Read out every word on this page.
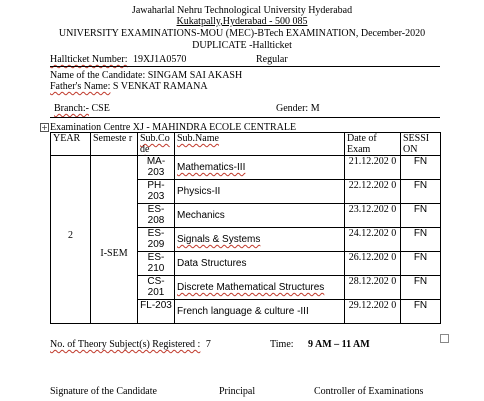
Jawaharlal Nehru Technological University Hyderabad
Kukatpally,Hyderabad - 500 085
UNIVERSITY EXAMINATIONS-MOU (MEC)-BTech EXAMINATION, December-2020
DUPLICATE -Hallticket
Hallticket Number: 19XJ1A0570	Regular
Name of the Candidate: SINGAM SAI AKASH
Father's Name: S VENKAT RAMANA
Branch:- CSE	Gender: M
+ Examination Centre XJ - MAHINDRA ECOLE CENTRALE
YEAR	Semeste r	Sub.Co de	Sub.Name	Date of Exam	SESSI ON
2	I-SEM	MA- 203	Mathematics-III	21.12.202 0	FN
		PH-203	Physics-II	22.12.202 0	FN
		ES-208	Mechanics	23.12.202 0	FN
		ES-209	Signals & Systems	24.12.202 0	FN
		ES-210	Data Structures	26.12.202 0	FN
		CS-201	Discrete Mathematical Structures	28.12.202 0	FN
		FL-203	French language & culture -III	29.12.202 0	FN
No. of Theory Subject(s) Registered : 7	Time: 9 AM – 11 AM
Signature of the Candidate	Principal	Controller of Examinations
